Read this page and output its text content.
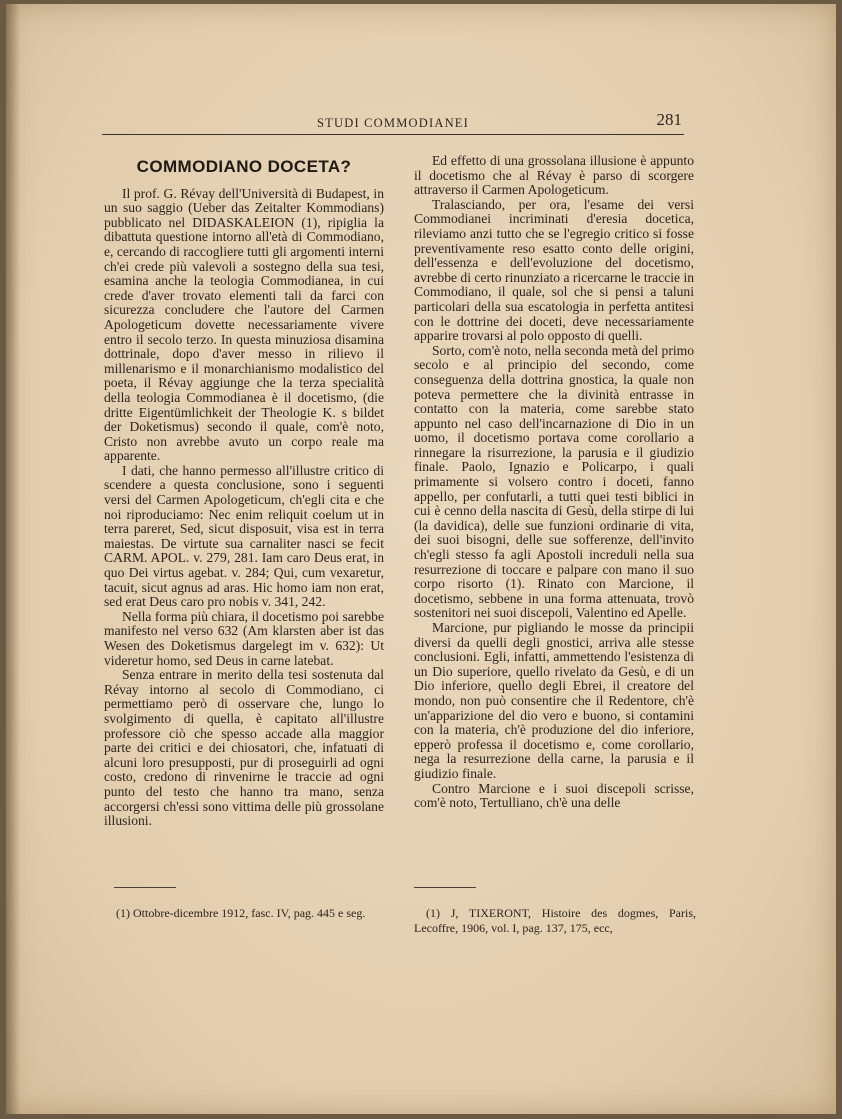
STUDI COMMODIANEI	281
COMMODIANO DOCETA?

Il prof. G. Révay dell'Università di Budapest, in un suo saggio (Ueber das Zeitalter Kommodians) pubblicato nel DIDASKALEION (1), ripiglia la dibattuta questione intorno all'età di Commodiano, e, cercando di raccogliere tutti gli argomenti interni ch'ei crede più valevoli a sostegno della sua tesi, esamina anche la teologia Commodianea, in cui crede d'aver trovato elementi tali da farci con sicurezza concludere che l'autore del Carmen Apologeticum dovette necessariamente vivere entro il secolo terzo. In questa minuziosa disamina dottrinale, dopo d'aver messo in rilievo il millenarismo e il monarchianismo modalistico del poeta, il Révay aggiunge che la terza specialità della teologia Commodianea è il docetismo, (die dritte Eigentümlichkeit der Theologie K. s bildet der Doketismus) secondo il quale, com'è noto, Cristo non avrebbe avuto un corpo reale ma apparente.

I dati, che hanno permesso all'illustre critico di scendere a questa conclusione, sono i seguenti versi del Carmen Apologeticum, ch'egli cita e che noi riproduciamo: Nec enim reliquit coelum ut in terra pareret, Sed, sicut disposuit, visa est in terra maiestas. De virtute sua carnaliter nasci se fecit CARM. APOL. v. 279, 281. Iam caro Deus erat, in quo Dei virtus agebat. v. 284; Qui, cum vexaretur, tacuit, sicut agnus ad aras. Hic homo iam non erat, sed erat Deus caro pro nobis v. 341, 242.

Nella forma più chiara, il docetismo poi sarebbe manifesto nel verso 632 (Am klarsten aber ist das Wesen des Doketismus dargelegt im v. 632): Ut videretur homo, sed Deus in carne latebat.

Senza entrare in merito della tesi sostenuta dal Révay intorno al secolo di Commodiano, ci permettiamo però di osservare che, lungo lo svolgimento di quella, è capitato all'illustre professore ciò che spesso accade alla maggior parte dei critici e dei chiosatori, che, infatuati di alcuni loro presupposti, pur di proseguirli ad ogni costo, credono di rinvenirne le traccie ad ogni punto del testo che hanno tra mano, senza accorgersi ch'essi sono vittima delle più grossolane illusioni.

Ed effetto di una grossolana illusione è appunto il docetismo che al Révay è parso di scorgere attraverso il Carmen Apologeticum.

Tralasciando, per ora, l'esame dei versi Commodianei incriminati d'eresia docetica, rileviamo anzi tutto che se l'egregio critico si fosse preventivamente reso esatto conto delle origini, dell'essenza e dell'evoluzione del docetismo, avrebbe di certo rinunziato a ricercarne le traccie in Commodiano, il quale, sol che si pensi a taluni particolari della sua escatologia in perfetta antitesi con le dottrine dei doceti, deve necessariamente apparire trovarsi al polo opposto di quelli.

Sorto, com'è noto, nella seconda metà del primo secolo e al principio del secondo, come conseguenza della dottrina gnostica, la quale non poteva permettere che la divinità entrasse in contatto con la materia, come sarebbe stato appunto nel caso dell'incarnazione di Dio in un uomo, il docetismo portava come corollario a rinnegare la risurrezione, la parusia e il giudizio finale. Paolo, Ignazio e Policarpo, i quali primamente si volsero contro i doceti, fanno appello, per confutarli, a tutti quei testi biblici in cui è cenno della nascita di Gesù, della stirpe di lui (la davidica), delle sue funzioni ordinarie di vita, dei suoi bisogni, delle sue sofferenze, dell'invito ch'egli stesso fa agli Apostoli increduli nella sua resurrezione di toccare e palpare con mano il suo corpo risorto (1). Rinato con Marcione, il docetismo, sebbene in una forma attenuata, trovò sostenitori nei suoi discepoli, Valentino ed Apelle.

Marcione, pur pigliando le mosse da principii diversi da quelli degli gnostici, arriva alle stesse conclusioni. Egli, infatti, ammettendo l'esistenza di un Dio superiore, quello rivelato da Gesù, e di un Dio inferiore, quello degli Ebrei, il creatore del mondo, non può consentire che il Redentore, ch'è un'apparizione del dio vero e buono, si contamini con la materia, ch'è produzione del dio inferiore, epperò professa il docetismo e, come corollario, nega la resurrezione della carne, la parusia e il giudizio finale.

Contro Marcione e i suoi discepoli scrisse, com'è noto, Tertulliano, ch'è una delle

(1) Ottobre-dicembre 1912, fasc. IV, pag. 445 e seg.	(1) J, TIXERONT, Histoire des dogmes, Paris, Lecoffre, 1906, vol. I, pag. 137, 175, ecc,
